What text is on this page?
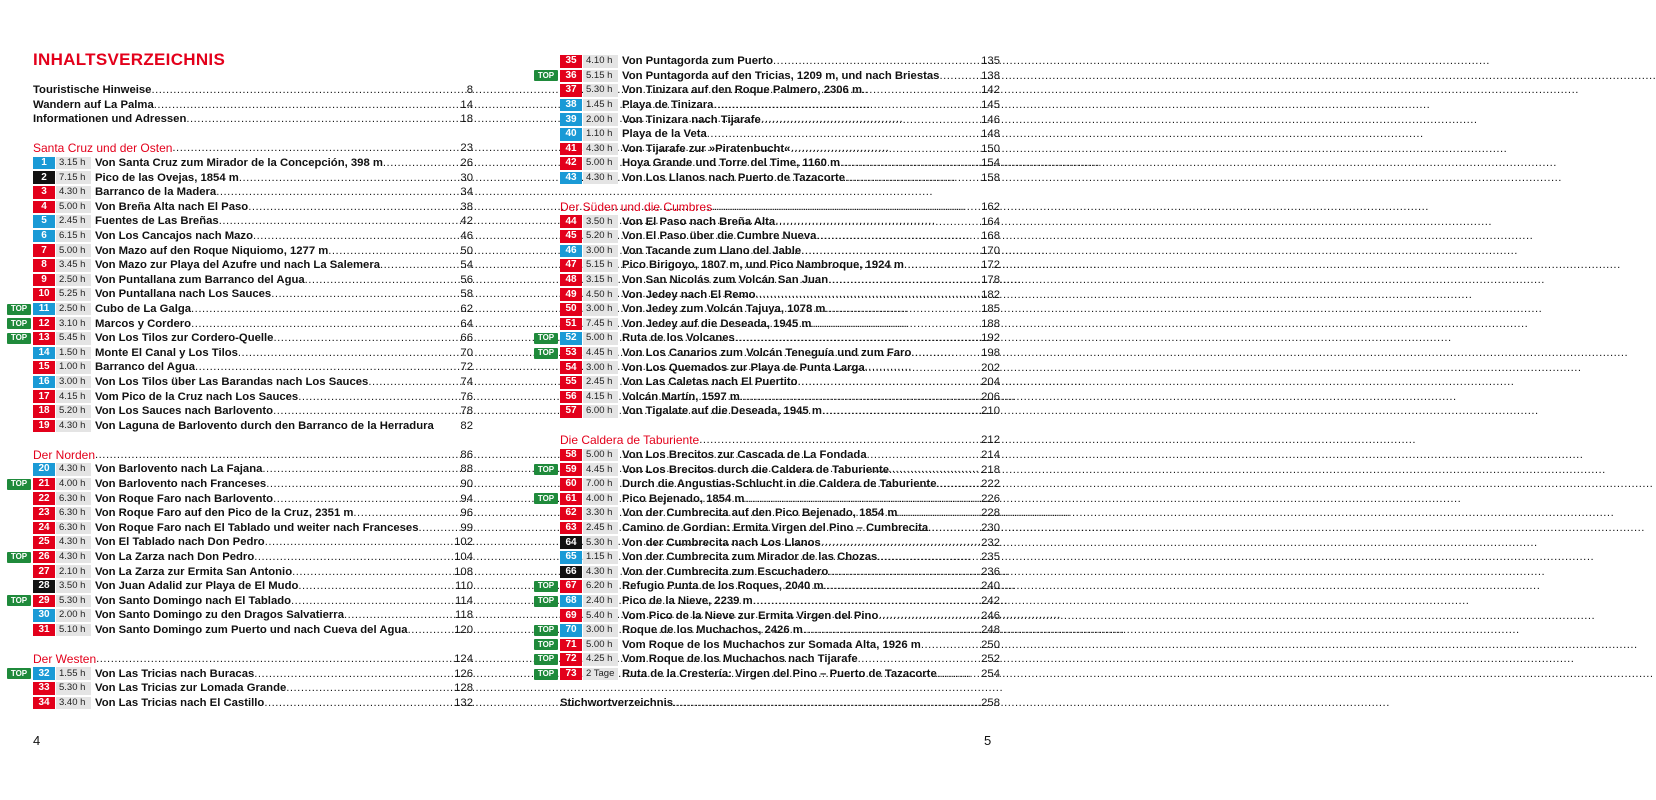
INHALTSVERZEICHNIS
Touristische Hinweise .....	8
Wandern auf La Palma .....	14
Informationen und Adressen .....	18
Santa Cruz und der Osten .....	23
1	3.15 h Von Santa Cruz zum Mirador de la Concepción, 398 m .....	26
2	7.15 h Pico de las Ovejas, 1854 m .....	30
3	4.30 h Barranco de la Madera .....	34
4	5.00 h Von Breña Alta nach El Paso .....	38
5	2.45 h Fuentes de Las Breñas .....	42
6	6.15 h Von Los Cancajos nach Mazo .....	46
7	5.00 h Von Mazo auf den Roque Niquiomo, 1277 m .....	50
8	3.45 h Von Mazo zur Playa del Azufre und nach La Salemera .....	54
9	2.50 h Von Puntallana zum Barranco del Agua .....	56
10 5.25 h Von Puntallana nach Los Sauces .....	58
TOP	11	2.50 h Cubo de La Galga .....	62
TOP	12 3.10 h Marcos y Cordero .....	64
TOP	13 5.45 h Von Los Tilos zur Cordero-Quelle .....	66
14 1.50 h Monte El Canal y Los Tilos .....	70
15 1.00 h Barranco del Agua .....	72
16 3.00 h Von Los Tilos über Las Barandas nach Los Sauces .....	74
17 4.15 h Vom Pico de la Cruz nach Los Sauces .....	76
18 5.20 h Von Los Sauces nach Barlovento .....	78
19 4.30 h Von Laguna de Barlovento durch den Barranco de la Herradura 82
Der Norden .....	86
20 4.30 h Von Barlovento nach La Fajana .....	88
TOP	21 4.00 h Von Barlovento nach Franceses .....	90
22 6.30 h Von Roque Faro nach Barlovento .....	94
23 6.30 h Von Roque Faro auf den Pico de la Cruz, 2351 m .....	96
24 6.30 h Von Roque Faro nach El Tablado und weiter nach Franceses .....	99
25 4.30 h Von El Tablado nach Don Pedro .....	102
TOP	26 4.30 h Von La Zarza nach Don Pedro .....	104
27 2.10 h Von La Zarza zur Ermita San Antonio .....	108
28 3.50 h Von Juan Adalid zur Playa de El Mudo .....	110
TOP	29 5.30 h Von Santo Domingo nach El Tablado .....	114
30 2.00 h Von Santo Domingo zu den Dragos Salvatierra .....	118
31 5.10 h Von Santo Domingo zum Puerto und nach Cueva del Agua .....	120
Der Westen .....	124
TOP	32 1.55 h Von Las Tricias nach Buracas .....	126
33 5.30 h Von Las Tricias zur Lomada Grande .....	128
34 3.40 h Von Las Tricias nach El Castillo .....	132
35 4.10 h Von Puntagorda zum Puerto .....	135
TOP	36 5.15 h Von Puntagorda auf den Tricias, 1209 m, und nach Briestas .....	138
37 5.30 h Von Tinizara auf den Roque Palmero, 2306 m .....	142
38 1.45 h Playa de Tinizara .....	145
39 2.00 h Von Tinizara nach Tijarafe .....	146
40 1.10 h Playa de la Veta .....	148
41 4.30 h Von Tijarafe zur »Piratenbucht« .....	150
42 5.00 h Hoya Grande und Torre del Time, 1160 m .....	154
43 4.30 h Von Los Llanos nach Puerto de Tazacorte .....	158
Der Süden und die Cumbres .....	162
44 3.50 h Von El Paso nach Breña Alta .....	164
45 5.20 h Von El Paso über die Cumbre Nueva .....	168
46 3.00 h Von Tacande zum Llano del Jable .....	170
47 5.15 h Pico Birigoyo, 1807 m, und Pico Nambroque, 1924 m .....	172
48 3.15 h Von San Nicolás zum Volcán San Juan .....	178
49 4.50 h Von Jedey nach El Remo .....	182
50 3.00 h Von Jedey zum Volcán Tajuya, 1078 m .....	185
51 7.45 h Von Jedey auf die Deseada, 1945 m .....	188
TOP	52 5.00 h Ruta de los Volcanes .....	192
TOP	53 4.45 h Von Los Canarios zum Volcán Teneguía und zum Faro .....	198
54 3.00 h Von Los Quemados zur Playa de Punta Larga .....	202
55 2.45 h Von Las Caletas nach El Puertito .....	204
56 4.15 h Volcán Martín, 1597 m .....	206
57 6.00 h Von Tigalate auf die Deseada, 1945 m .....	210
Die Caldera de Taburiente .....	212
58 5.00 h Von Los Brecitos zur Cascada de La Fondada .....	214
TOP	59 4.45 h Von Los Brecitos durch die Caldera de Taburiente .....	218
60 7.00 h Durch die Angustias-Schlucht in die Caldera de Taburiente .....	222
TOP	61 4.00 h Pico Bejenado, 1854 m .....	226
62 3.30 h Von der Cumbrecita auf den Pico Bejenado, 1854 m .....	228
63 2.45 h Camino de Gordian: Ermita Virgen del Pino – Cumbrecita .....	230
64 5.30 h Von der Cumbrecita nach Los Llanos .....	232
65 1.15 h Von der Cumbrecita zum Mirador de las Chozas .....	235
66 4.30 h Von der Cumbrecita zum Escuchadero .....	236
TOP	67 6.20 h Refugio Punta de los Roques, 2040 m .....	240
TOP	68 2.40 h Pico de la Nieve, 2239 m .....	242
69 5.40 h Vom Pico de la Nieve zur Ermita Virgen del Pino .....	246
TOP	70 3.00 h Roque de los Muchachos, 2426 m .....	248
TOP	71 5.00 h Vom Roque de los Muchachos zur Somada Alta, 1926 m .....	250
TOP	72 4.25 h Vom Roque de los Muchachos nach Tijarafe .....	252
TOP	73 2 Tage Ruta de la Crestería: Virgen del Pino – Puerto de Tazacorte .....	254
Stichwortverzeichnis .....	258
4	5
